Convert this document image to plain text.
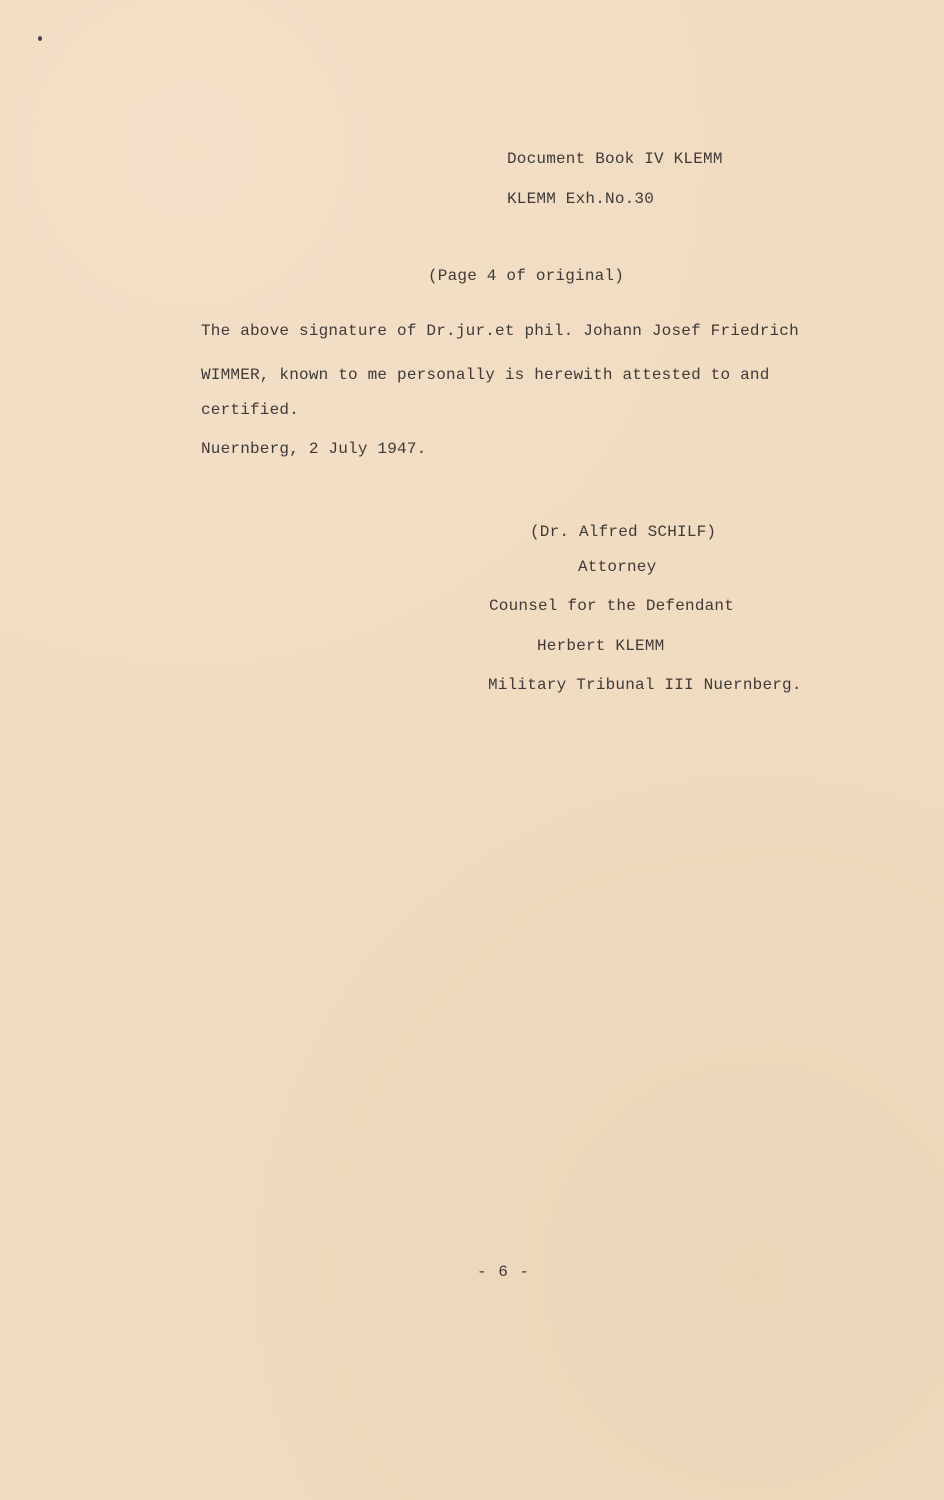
Document Book IV KLEMM
KLEMM Exh.No.30
(Page 4 of original)
The above signature of Dr.jur.et phil. Johann Josef Friedrich
WIMMER, known to me personally is herewith attested to and
certified.
Nuernberg, 2 July 1947.
(Dr. Alfred SCHILF)
Attorney
Counsel for the Defendant
Herbert KLEMM
Military Tribunal III Nuernberg.
- 6 -
